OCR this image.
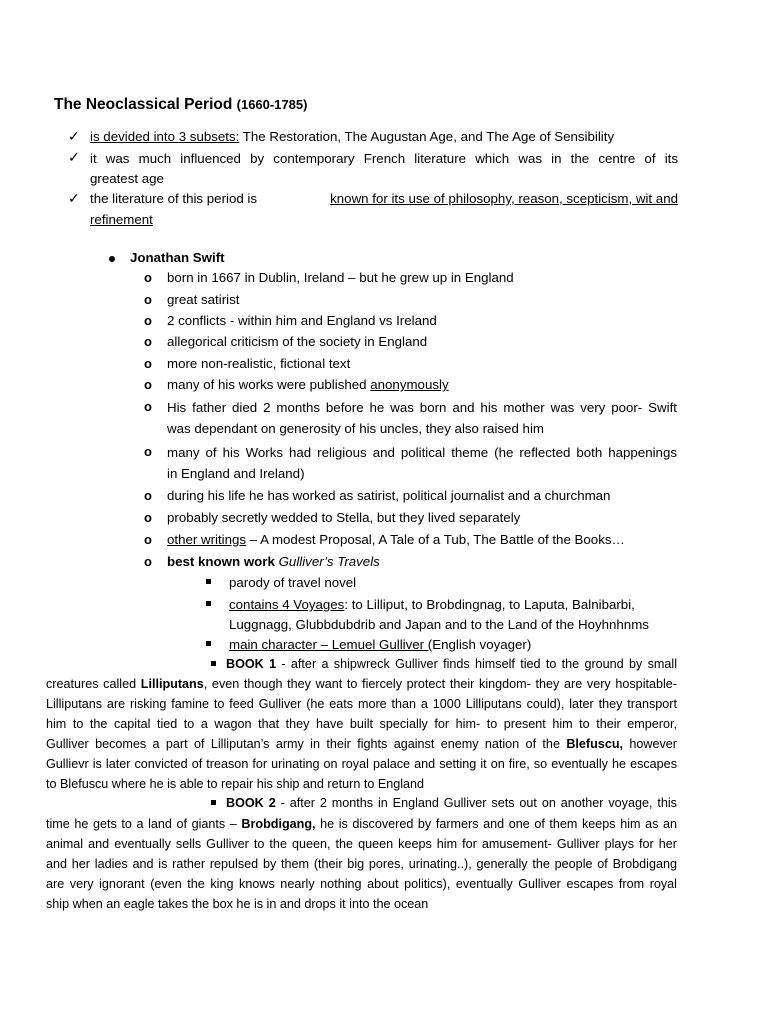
The Neoclassical Period (1660-1785)
✓ is devided into 3 subsets: The Restoration, The Augustan Age, and The Age of Sensibility
✓ it was much influenced by contemporary French literature which was in the centre of its
greatest age
✓ the literature of this period is	known for its use of philosophy, reason, scepticism, wit and
refinement
Jonathan Swift
o born in 1667 in Dublin, Ireland – but he grew up in England
o great satirist
o 2 conflicts - within him and England vs Ireland
o allegorical criticism of the society in England
o more non-realistic, fictional text
o many of his works were published anonymously
o His father died 2 months before he was born and his mother was very poor- Swift
was dependant on generosity of his uncles, they also raised him
o many of his Works had religious and political theme (he reflected both happenings
in England and Ireland)
o during his life he has worked as satirist, political journalist and a churchman
o probably secretly wedded to Stella, but they lived separately
o other writings – A modest Proposal, A Tale of a Tub, The Battle of the Books…
o best known work Gulliver’s Travels
parody of travel novel
contains 4 Voyages: to Lilliput, to Brobdingnag, to Laputa, Balnibarbi,
Luggnagg, Glubbdubdrib and Japan and to the Land of the Hoyhnhnms
main character – Lemuel Gulliver (English voyager)
BOOK 1 - after a shipwreck Gulliver finds himself tied to the ground by small
creatures called Lilliputans, even though they want to fiercely protect their kingdom- they are very hospitable-
Lilliputans are risking famine to feed Gulliver (he eats more than a 1000 Lilliputans could), later they transport
him to the capital tied to a wagon that they have built specially for him- to present him to their emperor,
Gulliver becomes a part of Lilliputan’s army in their fights against enemy nation of the Blefuscu, however
Gullievr is later convicted of treason for urinating on royal palace and setting it on fire, so eventually he escapes
to Blefuscu where he is able to repair his ship and return to England
BOOK 2 - after 2 months in England Gulliver sets out on another voyage, this
time he gets to a land of giants – Brobdigang, he is discovered by farmers and one of them keeps him as an
animal and eventually sells Gulliver to the queen, the queen keeps him for amusement- Gulliver plays for her
and her ladies and is rather repulsed by them (their big pores, urinating..), generally the people of Brobdigang
are very ignorant (even the king knows nearly nothing about politics), eventually Gulliver escapes from royal
ship when an eagle takes the box he is in and drops it into the ocean
